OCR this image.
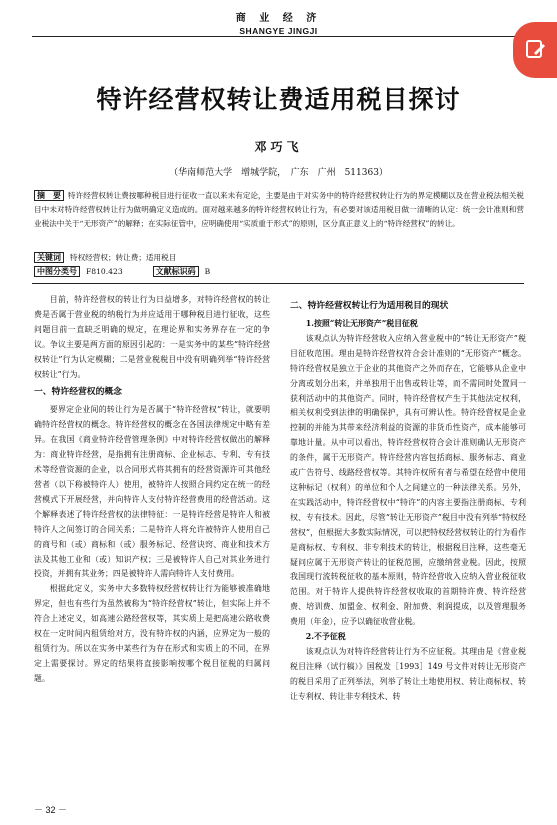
商 业 经 济
SHANGYE JINGJI
特许经营权转让费适用税目探讨
邓巧飞
（华南师范大学　增城学院，　广东　广州　511363）
摘　要 特许经营权转让费按哪种税目进行征收一直以来未有定论，主要是由于对实务中的特许经营权转让行为的界定模糊以及在营业税法相关税目中未对特许经营权转让行为做明确定义造成的。面对越来越多的特许经营权转让行为，有必要对该适用税目做一清晰的认定：统一会计准则和营业税法中关于“无形资产”的解释；在实际征管中，应明确使用“实质重于形式”的原则，区分真正意义上的“特许经营权”的转让。
关键词 特权经营权；转让费；适用税目
中图分类号 F810.423	文献标识码 B

目前，特许经营权的转让行为日益增多，对特许经营权的转让费是否属于营业税的纳税行为并应适用于哪种税目进行征收，这些问题目前一直缺乏明确的规定，在理论界和实务界存在一定的争议。争议主要是两方面的原因引起的：一是实务中的某些“特许经营权转让”行为认定模糊；二是营业税税目中没有明确列举“特许经营权转让”行为。

一、特许经营权的概念

要界定企业间的转让行为是否属于“特许经营权”转让，就要明确特许经营权的概念。特许经营权的概念在各国法律规定中略有差异。在我国《商业特许经营管理条例》中对特许经营权做出的解释为：商业特许经营，是指拥有注册商标、企业标志、专利、专有技术等经营资源的企业，以合同形式将其拥有的经营资源许可其他经营者（以下称被特许人）使用，被特许人按照合同约定在统一的经营模式下开展经营，并向特许人支付特许经营费用的经营活动。这个解释表述了特许经营权的法律特征：一是特许经营是特许人和被特许人之间签订的合同关系；二是特许人将允许被特许人使用自己的商号和（或）商标和（或）服务标记、经营诀窍、商业和技术方法及其他工业和（或）知识产权；三是被特许人自己对其业务进行投资，并拥有其业务；四是被特许人需向特许人支付费用。

根据此定义，实务中大多数特权经营权转让行为能够被准确地界定，但也有些行为虽然被称为“特许经营权”转让，但实际上并不符合上述定义，如高速公路经营权等，其实质上是把高速公路收费权在一定时间内租赁给对方，没有特许权的内涵，应界定为一般的租赁行为。所以在实务中某些行为存在形式和实质上的不同，在界定上需要探讨。界定的结果将直接影响按哪个税目征税的归属问题。

二、特许经营权转让行为适用税目的现状

1.按照“转让无形资产”税目征税

该观点认为特许经营收入应纳入营业税中的“转让无形资产”税目征收范围。理由是特许经营权符合会计准则的“无形资产”概念。特许经营权是独立于企业的其他资产之外而存在，它能够从企业中分离或划分出来，并单独用于出售或转让等，而不需同时处置同一获利活动中的其他资产。同时，特许经营权产生于其他法定权利，相关权利受到法律的明确保护，具有可辨认性。特许经营权是企业控制的并能为其带来经济利益的资源的非货币性资产，成本能够可靠地计量。从中可以看出，特许经营权符合会计准则确认无形资产的条件，属于无形资产。特许经营内容包括商标、服务标志、商业或广告符号、线路经营权等。其特许权所有者与希望在经营中使用这种标记（权利）的单位和个人之间建立的一种法律关系。另外，在实践活动中，特许经营权中“特许”的内容主要指注册商标、专利权、专有技术。因此，尽管“转让无形资产”税目中没有列举“特权经营权”，但根据大多数实际情况，可以把特权经营权转让的行为看作是商标权、专利权、非专利技术的转让，根据税目注释，这些毫无疑问应属于无形资产转让的征税范围，应缴纳营业税。因此，按照我国现行流转税征收的基本原则，特许经营收入应纳入营业税征收范围。对于特许人提供特许经营权收取的首期特许费、特许经营费、培训费、加盟金、权利金、附加费、利润提成，以及管理服务费用（年金），应予以确征收营业税。

2.不予征税

该观点认为对特许经营转让行为不应征税。其理由是《营业税税目注释（试行稿）》国税发［1993］149 号文件对转让无形资产的税目采用了正列举法，列举了转让土地使用权、转让商标权、转让专利权、转让非专利技术、转

－ 32 －
